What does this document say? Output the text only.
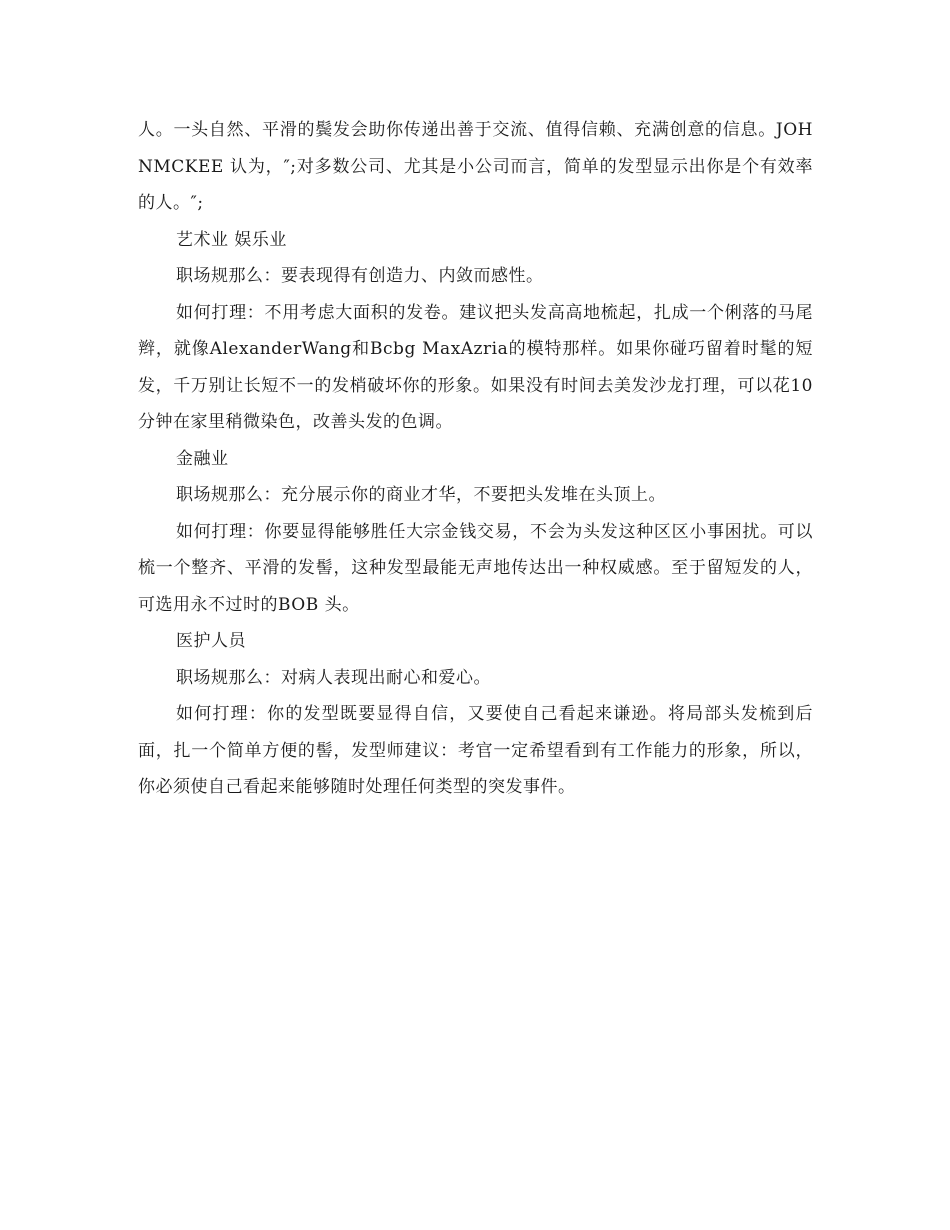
人。一头自然、平滑的鬓发会助你传递出善于交流、值得信赖、充满创意的信息。JOHNMCKEE 认为，″;对多数公司、尤其是小公司而言，简单的发型显示出你是个有效率的人。″;

艺术业 娱乐业

职场规那么：要表现得有创造力、内敛而感性。

如何打理：不用考虑大面积的发卷。建议把头发高高地梳起，扎成一个俐落的马尾辫，就像AlexanderWang和Bcbg MaxAzria的模特那样。如果你碰巧留着时髦的短发，千万别让长短不一的发梢破坏你的形象。如果没有时间去美发沙龙打理，可以花10分钟在家里稍微染色，改善头发的色调。

金融业

职场规那么：充分展示你的商业才华，不要把头发堆在头顶上。

如何打理：你要显得能够胜任大宗金钱交易，不会为头发这种区区小事困扰。可以梳一个整齐、平滑的发髻，这种发型最能无声地传达出一种权威感。至于留短发的人，可选用永不过时的BOB 头。

医护人员

职场规那么：对病人表现出耐心和爱心。

如何打理：你的发型既要显得自信，又要使自己看起来谦逊。将局部头发梳到后面，扎一个简单方便的髻，发型师建议：考官一定希望看到有工作能力的形象，所以，你必须使自己看起来能够随时处理任何类型的突发事件。
